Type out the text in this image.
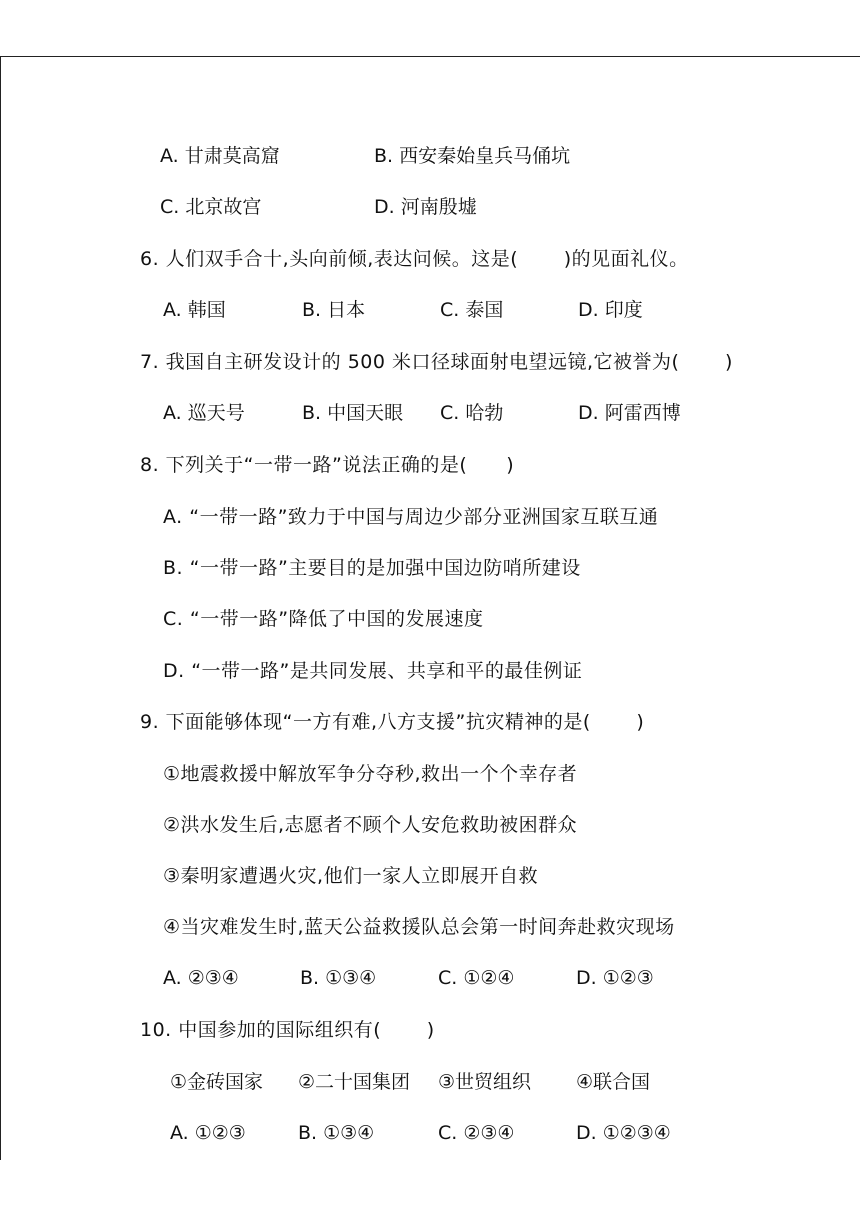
A. 甘肃莫高窟	B. 西安秦始皇兵马俑坑
C. 北京故宫	D. 河南殷墟
6. 人们双手合十,头向前倾,表达问候。这是(　　 )的见面礼仪。
A. 韩国	B. 日本	C. 泰国	D. 印度
7. 我国自主研发设计的 500 米口径球面射电望远镜,它被誉为(　　 )
A. 巡天号	B. 中国天眼 C. 哈勃	D. 阿雷西博
8. 下列关于“一带一路”说法正确的是(　　)
A. “一带一路”致力于中国与周边少部分亚洲国家互联互通
B. “一带一路”主要目的是加强中国边防哨所建设
C. “一带一路”降低了中国的发展速度
D. “一带一路”是共同发展、共享和平的最佳例证
9. 下面能够体现“一方有难,八方支援”抗灾精神的是(　　 )
①地震救援中解放军争分夺秒,救出一个个幸存者
②洪水发生后,志愿者不顾个人安危救助被困群众
③秦明家遭遇火灾,他们一家人立即展开自救
④当灾难发生时,蓝天公益救援队总会第一时间奔赴救灾现场
A. ②③④	B. ①③④	C. ①②④	D. ①②③
10. 中国参加的国际组织有(　　 )
①金砖国家 ②二十国集团 ③世贸组织 ④联合国
A. ①②③	B. ①③④	C. ②③④	D. ①②③④
